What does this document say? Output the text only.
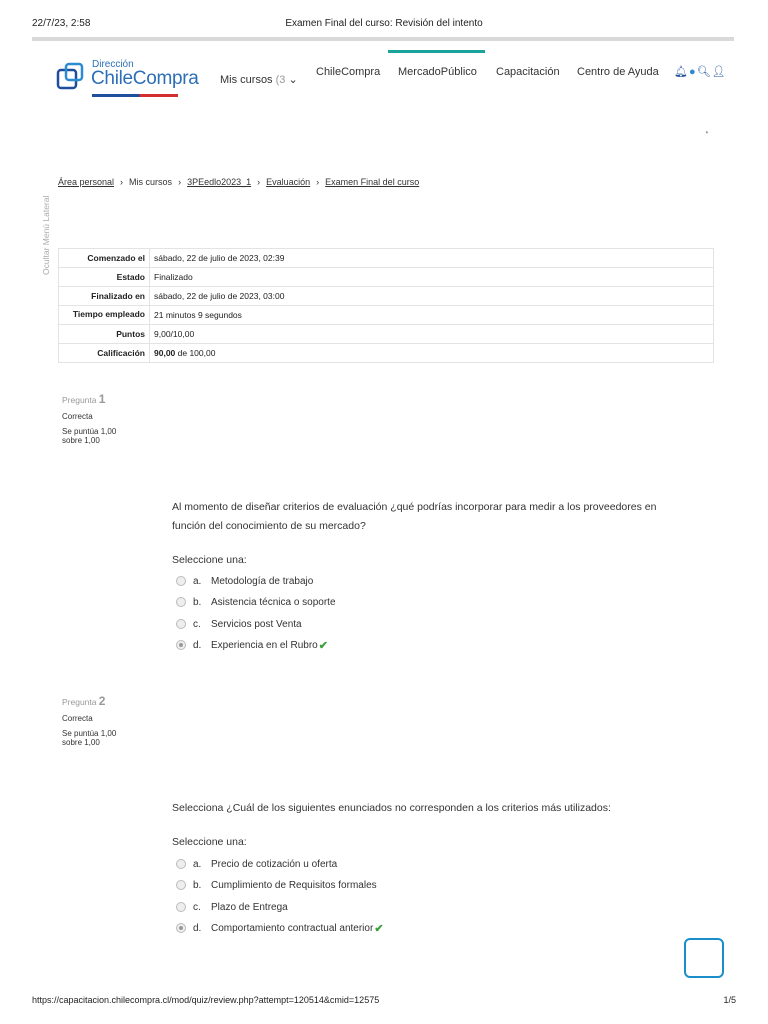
22/7/23, 2:58	Examen Final del curso: Revisión del intento
Dirección
ChileCompra Mis cursos (3 ⌄
ChileCompra MercadoPúblico Capacitación Centro de Ayuda 🔔︎ ● 🔍︎ 👤︎
◔
Ocultar Menú Lateral
Área personal › Mis cursos › 3PEedlo2023_1 › Evaluación › Examen Final del curso
Comenzado el	sábado, 22 de julio de 2023, 02:39
Estado	Finalizado
Finalizado en	sábado, 22 de julio de 2023, 03:00
Tiempo empleado	21 minutos 9 segundos
Puntos	9,00/10,00
Calificación	90,00 de 100,00
Pregunta 1
Correcta
Se puntúa 1,00
sobre 1,00
Al momento de diseñar criterios de evaluación ¿qué podrías incorporar para medir a los proveedores en función del conocimiento de su mercado?
Seleccione una:
a. Metodología de trabajo
b. Asistencia técnica o soporte
c.	Servicios post Venta
d. Experiencia en el Rubro ✔
Pregunta 2
Correcta
Se puntúa 1,00
sobre 1,00
Selecciona ¿Cuál de los siguientes enunciados no corresponden a los criterios más utilizados:
Seleccione una:
a. Precio de cotización u oferta
b. Cumplimiento de Requisitos formales
c.	Plazo de Entrega
d. Comportamiento contractual anterior ✔
https://capacitacion.chilecompra.cl/mod/quiz/review.php?attempt=120514&cmid=12575	1/5
